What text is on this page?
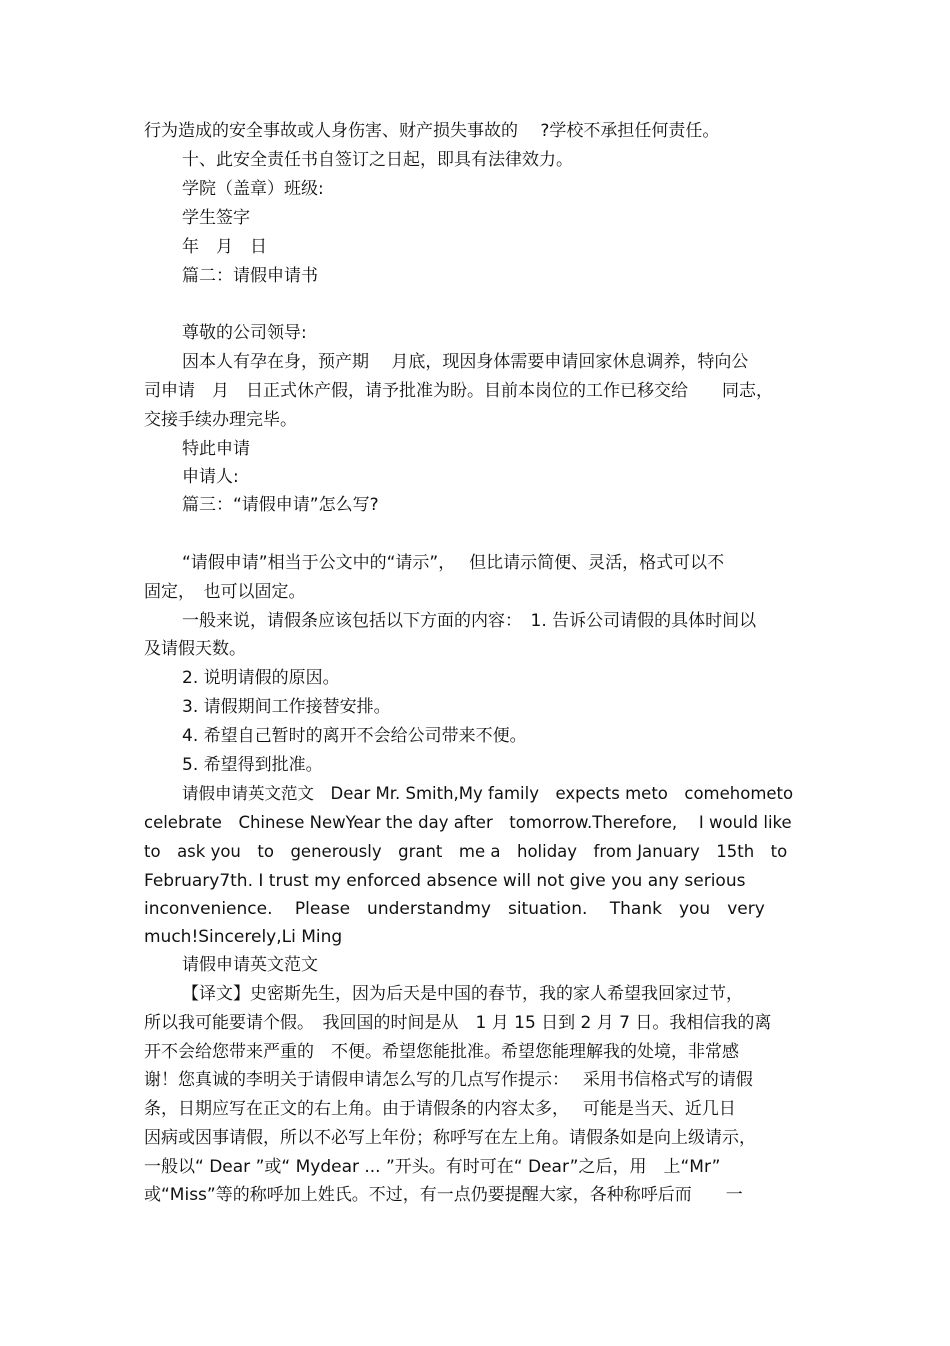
行为造成的安全事故或人身伤害、财产损失事故的　 ?学校不承担任何责任。
十、此安全责任书自签订之日起，即具有法律效力。
学院（盖章）班级:
学生签字
年　月　日
篇二：请假申请书
尊敬的公司领导:
因本人有孕在身，预产期　 月底，现因身体需要申请回家休息调养，特向公
司申请　月　日正式休产假，请予批准为盼。目前本岗位的工作已移交给　　同志，
交接手续办理完毕。
特此申请
申请人:
篇三：“请假申请”怎么写?
“请假申请”相当于公文中的“请示”，　 但比请示简便、灵活，格式可以不
固定，　也可以固定。
一般来说，请假条应该包括以下方面的内容：　1. 告诉公司请假的具体时间以
及请假天数。
2. 说明请假的原因。
3. 请假期间工作接替安排。
4. 希望自己暂时的离开不会给公司带来不便。
5. 希望得到批准。
请假申请英文范文　Dear Mr. Smith,My family　expects meto　comehometo
celebrate　Chinese NewYear the day after　tomorrow.Therefore,　 I would like
to　ask you　to　generously　grant　me a　holiday　from January　15th　to
February7th. I trust my enforced absence will not give you any serious
inconvenience.　 Please　understandmy　situation.　 Thank　you　very
much!Sincerely,Li Ming
请假申请英文范文
【译文】史密斯先生，因为后天是中国的春节，我的家人希望我回家过节，
所以我可能要请个假。　我回国的时间是从　1 月 15 日到 2 月 7 日。我相信我的离
开不会给您带来严重的　不便。希望您能批准。希望您能理解我的处境，非常感
谢！您真诚的李明关于请假申请怎么写的几点写作提示：　 采用书信格式写的请假
条，日期应写在正文的右上角。由于请假条的内容太多，　 可能是当天、近几日
因病或因事请假，所以不必写上年份；称呼写在左上角。请假条如是向上级请示，
一般以“ Dear ”或“ Mydear ... ”开头。有时可在“ Dear”之后，用　上“Mr”
或“Miss”等的称呼加上姓氏。不过，有一点仍要提醒大家，各种称呼后而　　一
